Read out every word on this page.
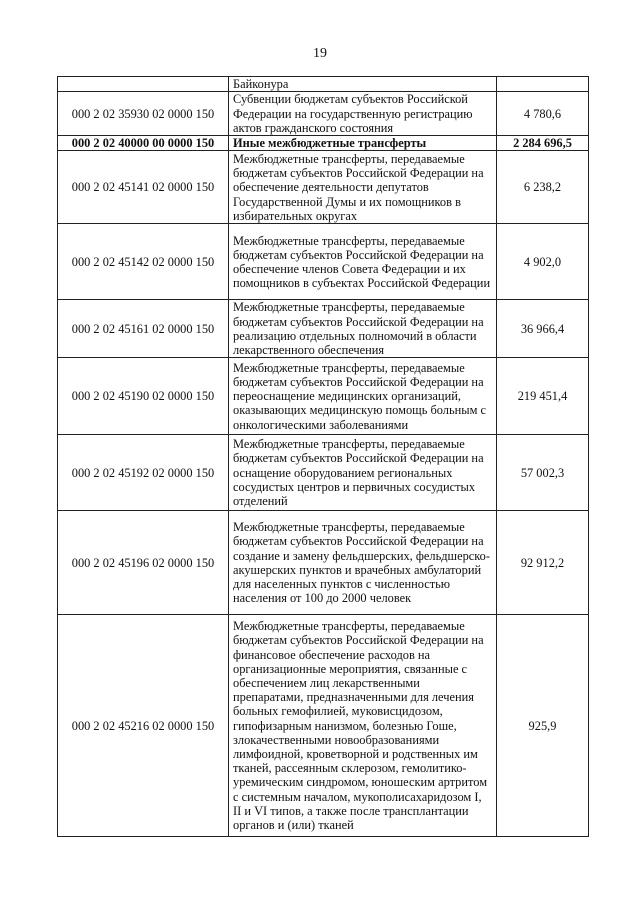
19
	Байконура	
000 2 02 35930 02 0000 150	Субвенции бюджетам субъектов Российской Федерации на государственную регистрацию актов гражданского состояния	4 780,6
000 2 02 40000 00 0000 150	Иные межбюджетные трансферты	2 284 696,5
000 2 02 45141 02 0000 150	Межбюджетные трансферты, передаваемые бюджетам субъектов Российской Федерации на обеспечение деятельности депутатов Государственной Думы и их помощников в избирательных округах	6 238,2
000 2 02 45142 02 0000 150	Межбюджетные трансферты, передаваемые бюджетам субъектов Российской Федерации на обеспечение членов Совета Федерации и их помощников в субъектах Российской Федерации	4 902,0
000 2 02 45161 02 0000 150	Межбюджетные трансферты, передаваемые бюджетам субъектов Российской Федерации на реализацию отдельных полномочий в области лекарственного обеспечения	36 966,4
000 2 02 45190 02 0000 150	Межбюджетные трансферты, передаваемые бюджетам субъектов Российской Федерации на переоснащение медицинских организаций, оказывающих медицинскую помощь больным с онкологическими заболеваниями	219 451,4
000 2 02 45192 02 0000 150	Межбюджетные трансферты, передаваемые бюджетам субъектов Российской Федерации на оснащение оборудованием региональных сосудистых центров и первичных сосудистых отделений	57 002,3
000 2 02 45196 02 0000 150	Межбюджетные трансферты, передаваемые бюджетам субъектов Российской Федерации на создание и замену фельдшерских, фельдшерско-акушерских пунктов и врачебных амбулаторий для населенных пунктов с численностью населения от 100 до 2000 человек	92 912,2
000 2 02 45216 02 0000 150	Межбюджетные трансферты, передаваемые бюджетам субъектов Российской Федерации на финансовое обеспечение расходов на организационные мероприятия, связанные с обеспечением лиц лекарственными препаратами, предназначенными для лечения больных гемофилией, муковисцидозом, гипофизарным нанизмом, болезнью Гоше, злокачественными новообразованиями лимфоидной, кроветворной и родственных им тканей, рассеянным склерозом, гемолитико-уремическим синдромом, юношеским артритом с системным началом, мукополисахаридозом I, II и VI типов, а также после трансплантации органов и (или) тканей	925,9
